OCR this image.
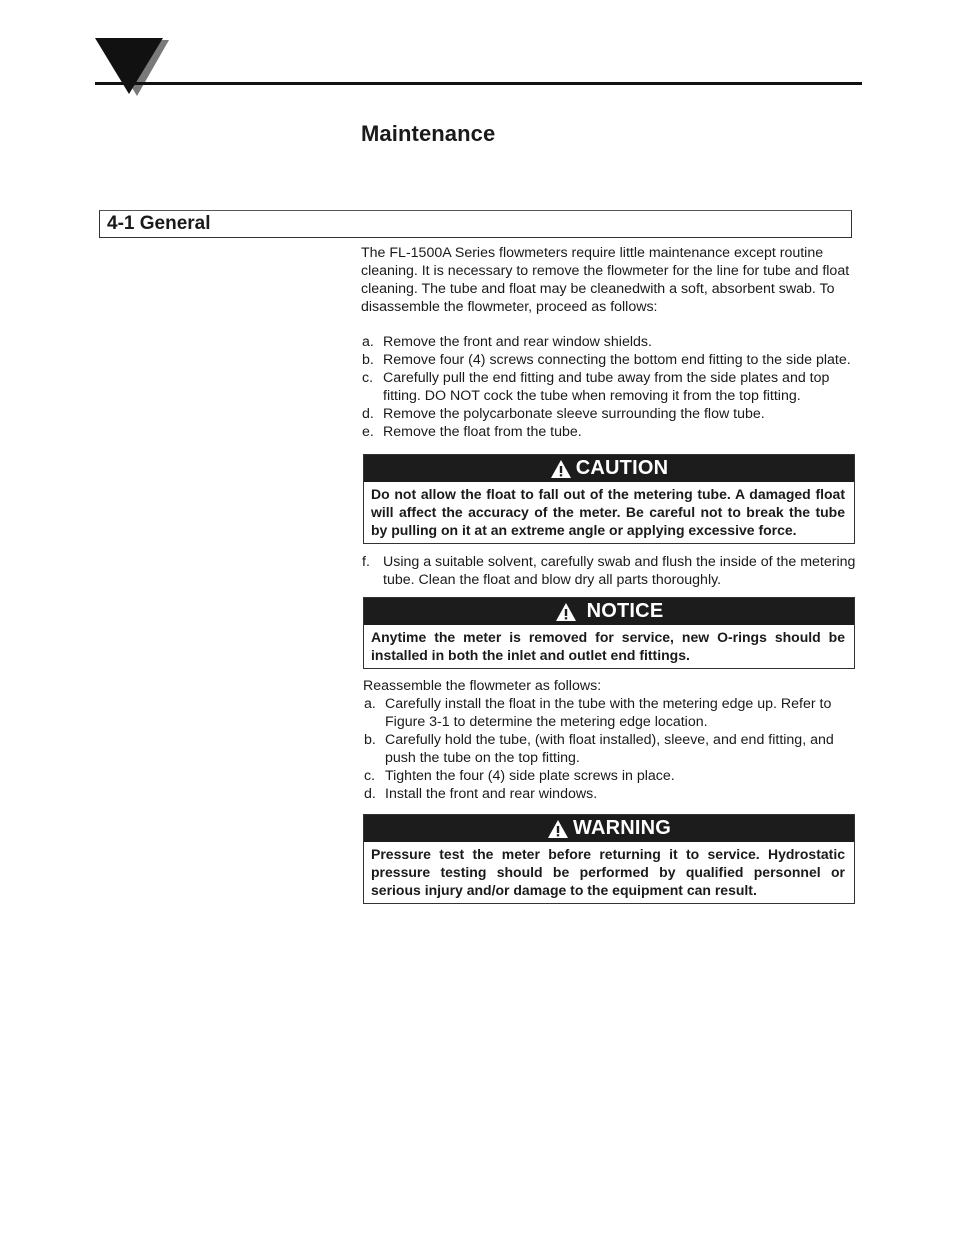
Maintenance
4-1 General

The FL-1500A Series flowmeters require little maintenance except routine cleaning. It is necessary to remove the flowmeter for the line for tube and float cleaning. The tube and float may be cleanedwith a soft, absorbent swab. To disassemble the flowmeter, proceed as follows:

a. Remove the front and rear window shields.
b. Remove four (4) screws connecting the bottom end fitting to the side plate.
c. Carefully pull the end fitting and tube away from the side plates and top fitting. DO NOT cock the tube when removing it from the top fitting.
d. Remove the polycarbonate sleeve surrounding the flow tube.
e. Remove the float from the tube.
CAUTION
Do not allow the float to fall out of the metering tube. A damaged float will affect the accuracy of the meter. Be careful not to break the tube by pulling on it at an extreme angle or applying excessive force.
f. Using a suitable solvent, carefully swab and flush the inside of the metering tube. Clean the float and blow dry all parts thoroughly.
NOTICE
Anytime the meter is removed for service, new O-rings should be installed in both the inlet and outlet end fittings.

Reassemble the flowmeter as follows:

a. Carefully install the float in the tube with the metering edge up. Refer to Figure 3-1 to determine the metering edge location.
b. Carefully hold the tube, (with float installed), sleeve, and end fitting, and push the tube on the top fitting.
c. Tighten the four (4) side plate screws in place.
d. Install the front and rear windows.
WARNING
Pressure test the meter before returning it to service. Hydrostatic pressure testing should be performed by qualified personnel or serious injury and/or damage to the equipment can result.
